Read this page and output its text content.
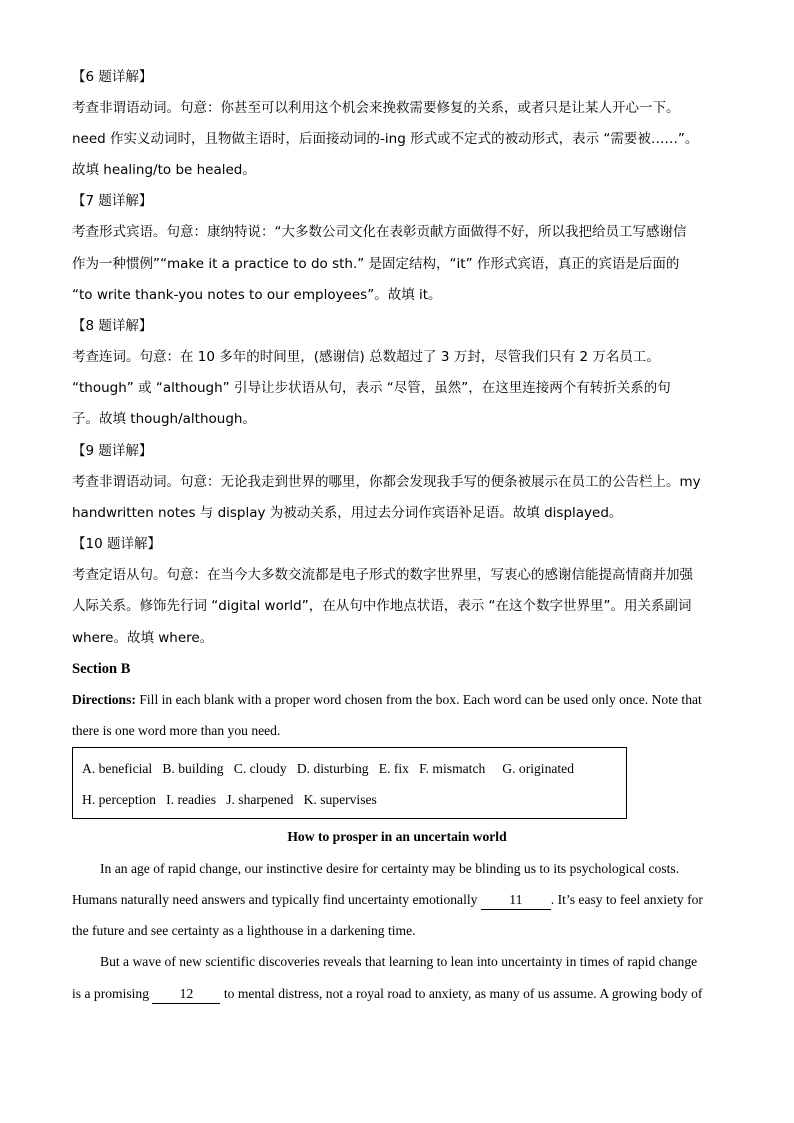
【6 题详解】
考查非谓语动词。句意：你甚至可以利用这个机会来挽救需要修复的关系，或者只是让某人开心一下。
need 作实义动词时，且物做主语时，后面接动词的-ing 形式或不定式的被动形式，表示 “需要被……”。
故填 healing/to be healed。
【7 题详解】
考查形式宾语。句意：康纳特说：“大多数公司文化在表彰贡献方面做得不好，所以我把给员工写感谢信
作为一种惯例”“make it a practice to do sth.” 是固定结构，“it” 作形式宾语，真正的宾语是后面的
“to write thank-you notes to our employees”。故填 it。
【8 题详解】
考查连词。句意：在 10 多年的时间里，(感谢信) 总数超过了 3 万封，尽管我们只有 2 万名员工。
“though” 或 “although” 引导让步状语从句，表示 “尽管，虽然”，在这里连接两个有转折关系的句
子。故填 though/although。
【9 题详解】
考查非谓语动词。句意：无论我走到世界的哪里，你都会发现我手写的便条被展示在员工的公告栏上。my
handwritten notes 与 display 为被动关系，用过去分词作宾语补足语。故填 displayed。
【10 题详解】
考查定语从句。句意：在当今大多数交流都是电子形式的数字世界里，写衷心的感谢信能提高情商并加强
人际关系。修饰先行词 “digital world”，在从句中作地点状语，表示 “在这个数字世界里”。用关系副词
where。故填 where。
Section B
Directions: Fill in each blank with a proper word chosen from the box. Each word can be used only once. Note that
there is one word more than you need.
A. beneficial   B. building   C. cloudy   D. disturbing   E. fix   F. mismatch     G. originated
H. perception   I. readies   J. sharpened   K. supervises
How to prosper in an uncertain world
In an age of rapid change, our instinctive desire for certainty may be blinding us to its psychological costs.
Humans naturally need answers and typically find uncertainty emotionally 11 . It’s easy to feel anxiety for
the future and see certainty as a lighthouse in a darkening time.
But a wave of new scientific discoveries reveals that learning to lean into uncertainty in times of rapid change
is a promising 12 to mental distress, not a royal road to anxiety, as many of us assume. A growing body of
